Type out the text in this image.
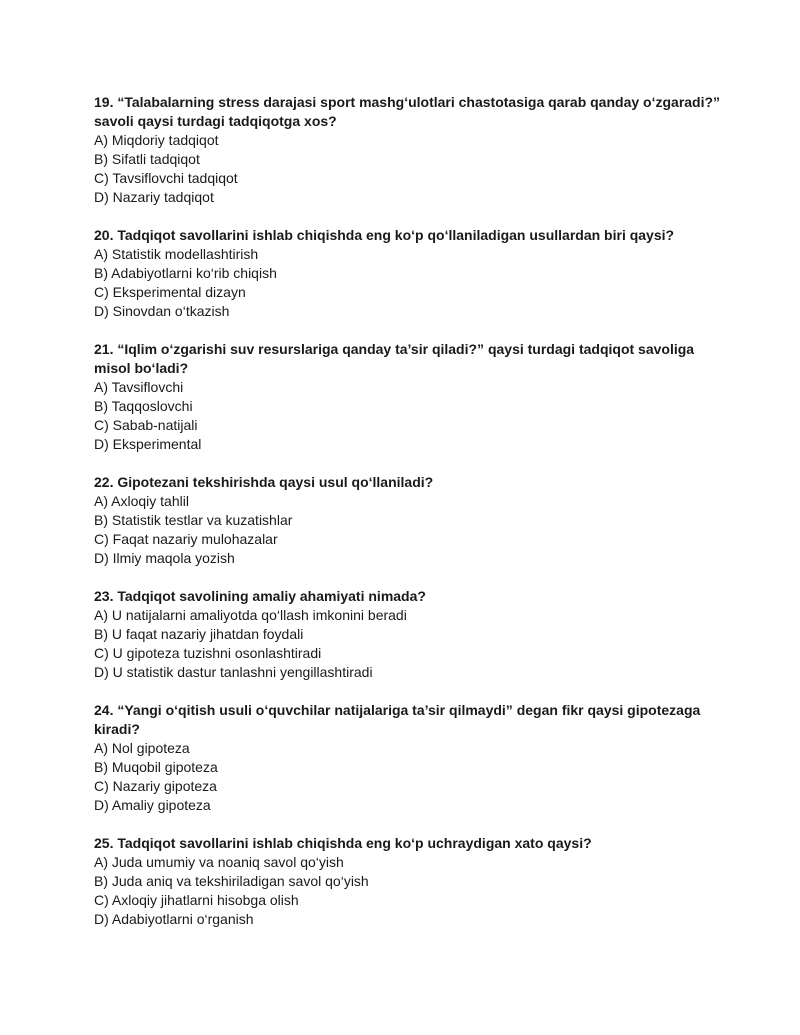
19. “Talabalarning stress darajasi sport mashg‘ulotlari chastotasiga qarab qanday o‘zgaradi?” savoli qaysi turdagi tadqiqotga xos?

A) Miqdoriy tadqiqot

B) Sifatli tadqiqot

C) Tavsiflovchi tadqiqot

D) Nazariy tadqiqot

20. Tadqiqot savollarini ishlab chiqishda eng ko‘p qo‘llaniladigan usullardan biri qaysi?

A) Statistik modellashtirish

B) Adabiyotlarni ko‘rib chiqish

C) Eksperimental dizayn

D) Sinovdan o‘tkazish

21. “Iqlim o‘zgarishi suv resurslariga qanday ta’sir qiladi?” qaysi turdagi tadqiqot savoliga misol bo‘ladi?

A) Tavsiflovchi

B) Taqqoslovchi

C) Sabab-natijali

D) Eksperimental

22. Gipotezani tekshirishda qaysi usul qo‘llaniladi?

A) Axloqiy tahlil

B) Statistik testlar va kuzatishlar

C) Faqat nazariy mulohazalar

D) Ilmiy maqola yozish

23. Tadqiqot savolining amaliy ahamiyati nimada?

A) U natijalarni amaliyotda qo‘llash imkonini beradi

B) U faqat nazariy jihatdan foydali

C) U gipoteza tuzishni osonlashtiradi

D) U statistik dastur tanlashni yengillashtiradi

24. “Yangi o‘qitish usuli o‘quvchilar natijalariga ta’sir qilmaydi” degan fikr qaysi gipotezaga kiradi?

A) Nol gipoteza

B) Muqobil gipoteza

C) Nazariy gipoteza

D) Amaliy gipoteza

25. Tadqiqot savollarini ishlab chiqishda eng ko‘p uchraydigan xato qaysi?

A) Juda umumiy va noaniq savol qo‘yish

B) Juda aniq va tekshiriladigan savol qo‘yish

C) Axloqiy jihatlarni hisobga olish

D) Adabiyotlarni o‘rganish
